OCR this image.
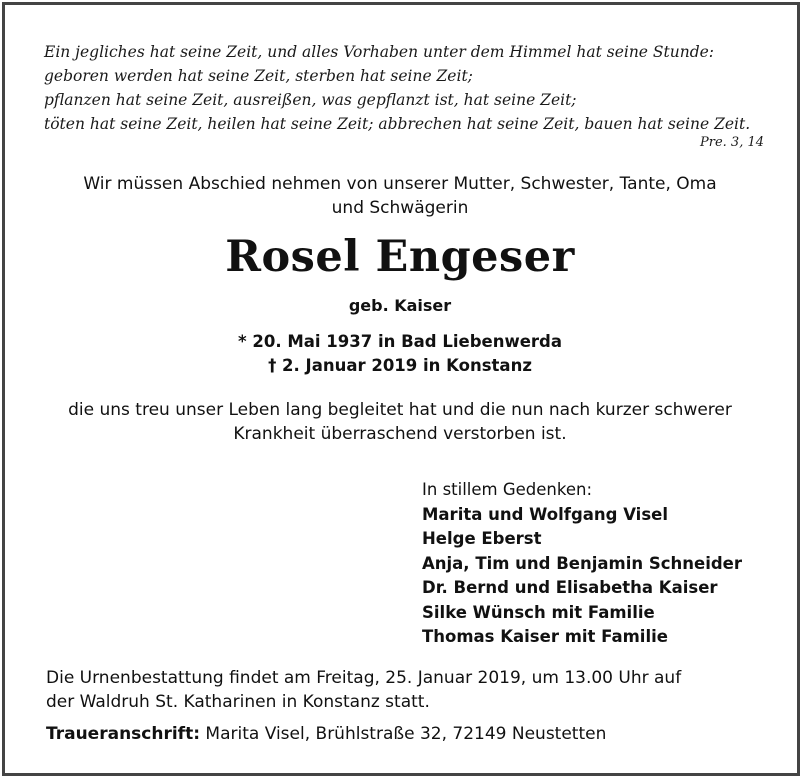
Ein jegliches hat seine Zeit, und alles Vorhaben unter dem Himmel hat seine Stunde:
geboren werden hat seine Zeit, sterben hat seine Zeit;
pflanzen hat seine Zeit, ausreißen, was gepflanzt ist, hat seine Zeit;
töten hat seine Zeit, heilen hat seine Zeit; abbrechen hat seine Zeit, bauen hat seine Zeit.
Pre. 3, 14
Wir müssen Abschied nehmen von unserer Mutter, Schwester, Tante, Oma
und Schwägerin
Rosel Engeser
geb. Kaiser
* 20. Mai 1937 in Bad Liebenwerda
† 2. Januar 2019 in Konstanz
die uns treu unser Leben lang begleitet hat und die nun nach kurzer schwerer
Krankheit überraschend verstorben ist.
In stillem Gedenken:
Marita und Wolfgang Visel
Helge Eberst
Anja, Tim und Benjamin Schneider
Dr. Bernd und Elisabetha Kaiser
Silke Wünsch mit Familie
Thomas Kaiser mit Familie
Die Urnenbestattung findet am Freitag, 25. Januar 2019, um 13.00 Uhr auf
der Waldruh St. Katharinen in Konstanz statt.
Traueranschrift: Marita Visel, Brühlstraße 32, 72149 Neustetten
